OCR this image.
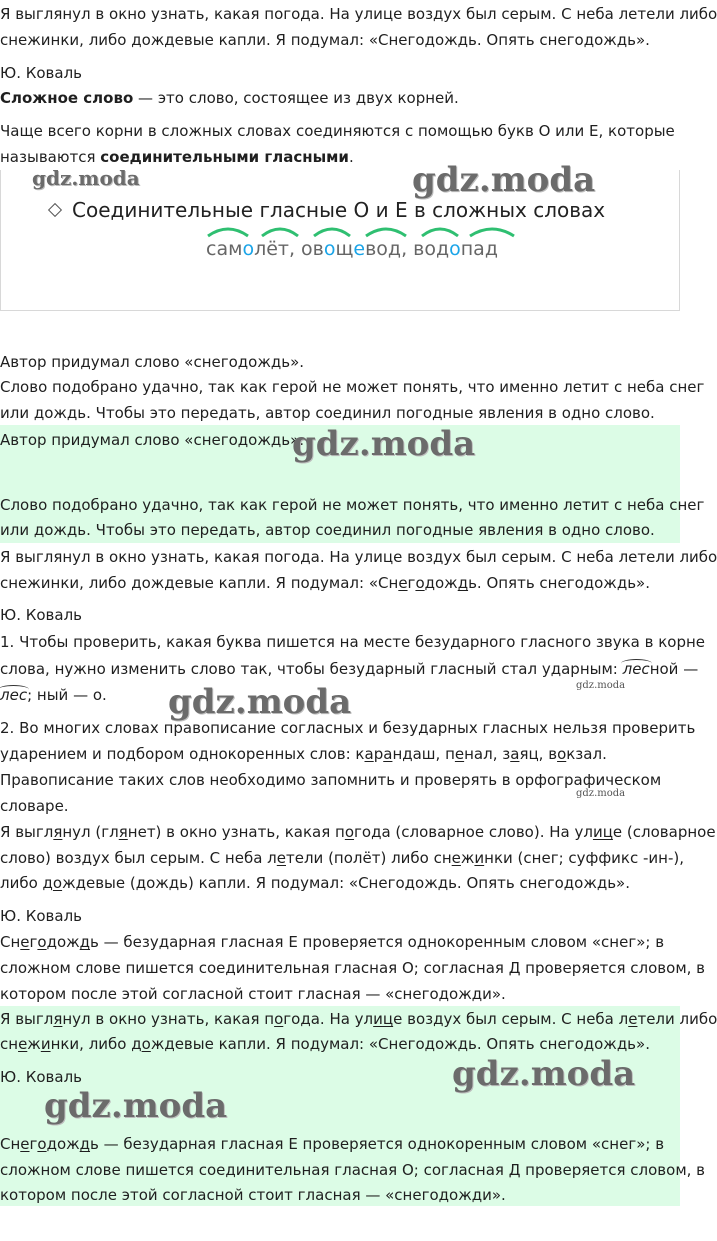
Я выглянул в окно узнать, какая погода. На улице воздух был серым. С неба летели либо

снежинки, либо дождевые капли. Я подумал: «Снегодождь. Опять снегодождь».

Ю. Коваль

Сложное слово — это слово, состоящее из двух корней.

Чаще всего корни в сложных словах соединяются с помощью букв О или Е, которые

называются соединительными гласными.

Соединительные гласные О и Е в сложных словах
самолёт, овощевод, водопад

Автор придумал слово «снегодождь».

Слово подобрано удачно, так как герой не может понять, что именно летит с неба снег

или дождь. Чтобы это передать, автор соединил погодные явления в одно слово.

Автор придумал слово «снегодождь».

Слово подобрано удачно, так как герой не может понять, что именно летит с неба снег

или дождь. Чтобы это передать, автор соединил погодные явления в одно слово.

Я выглянул в окно узнать, какая погода. На улице воздух был серым. С неба летели либо

снежинки, либо дождевые капли. Я подумал: «Снегодождь. Опять снегодождь».

Ю. Коваль

1. Чтобы проверить, какая буква пишется на месте безударного гласного звука в корне

слова, нужно изменить слово так, чтобы безударный гласный стал ударным: лес
ной —

лес
; ный — о.

2. Во многих словах правописание согласных и безударных гласных нельзя проверить

ударением и подбором однокоренных слов: карандаш, пенал, заяц, вокзал.

Правописание таких слов необходимо запомнить и проверять в орфографическом

словаре.

Я выглянул (глянет) в окно узнать, какая погода (словарное слово). На улице (словарное

слово) воздух был серым. С неба летели (полёт) либо снежинки (снег; суффикс -ин-),

либо дождевые (дождь) капли. Я подумал: «Снегодождь. Опять снегодождь».

Ю. Коваль

Снегодождь — безударная гласная Е проверяется однокоренным словом «снег»; в

сложном слове пишется соединительная гласная О; согласная Д проверяется словом, в

котором после этой согласной стоит гласная — «снегодожди».

Я выглянул в окно узнать, какая погода. На улице воздух был серым. С неба летели либо

снежинки, либо дождевые капли. Я подумал: «Снегодождь. Опять снегодождь».

Ю. Коваль

Снегодождь — безударная гласная Е проверяется однокоренным словом «снег»; в

сложном слове пишется соединительная гласная О; согласная Д проверяется словом, в

котором после этой согласной стоит гласная — «снегодожди».

gdz.moda	gdz.moda
gdz.moda
gdz.moda
gdz.moda
gdz.moda
gdz.moda
gdz.moda
